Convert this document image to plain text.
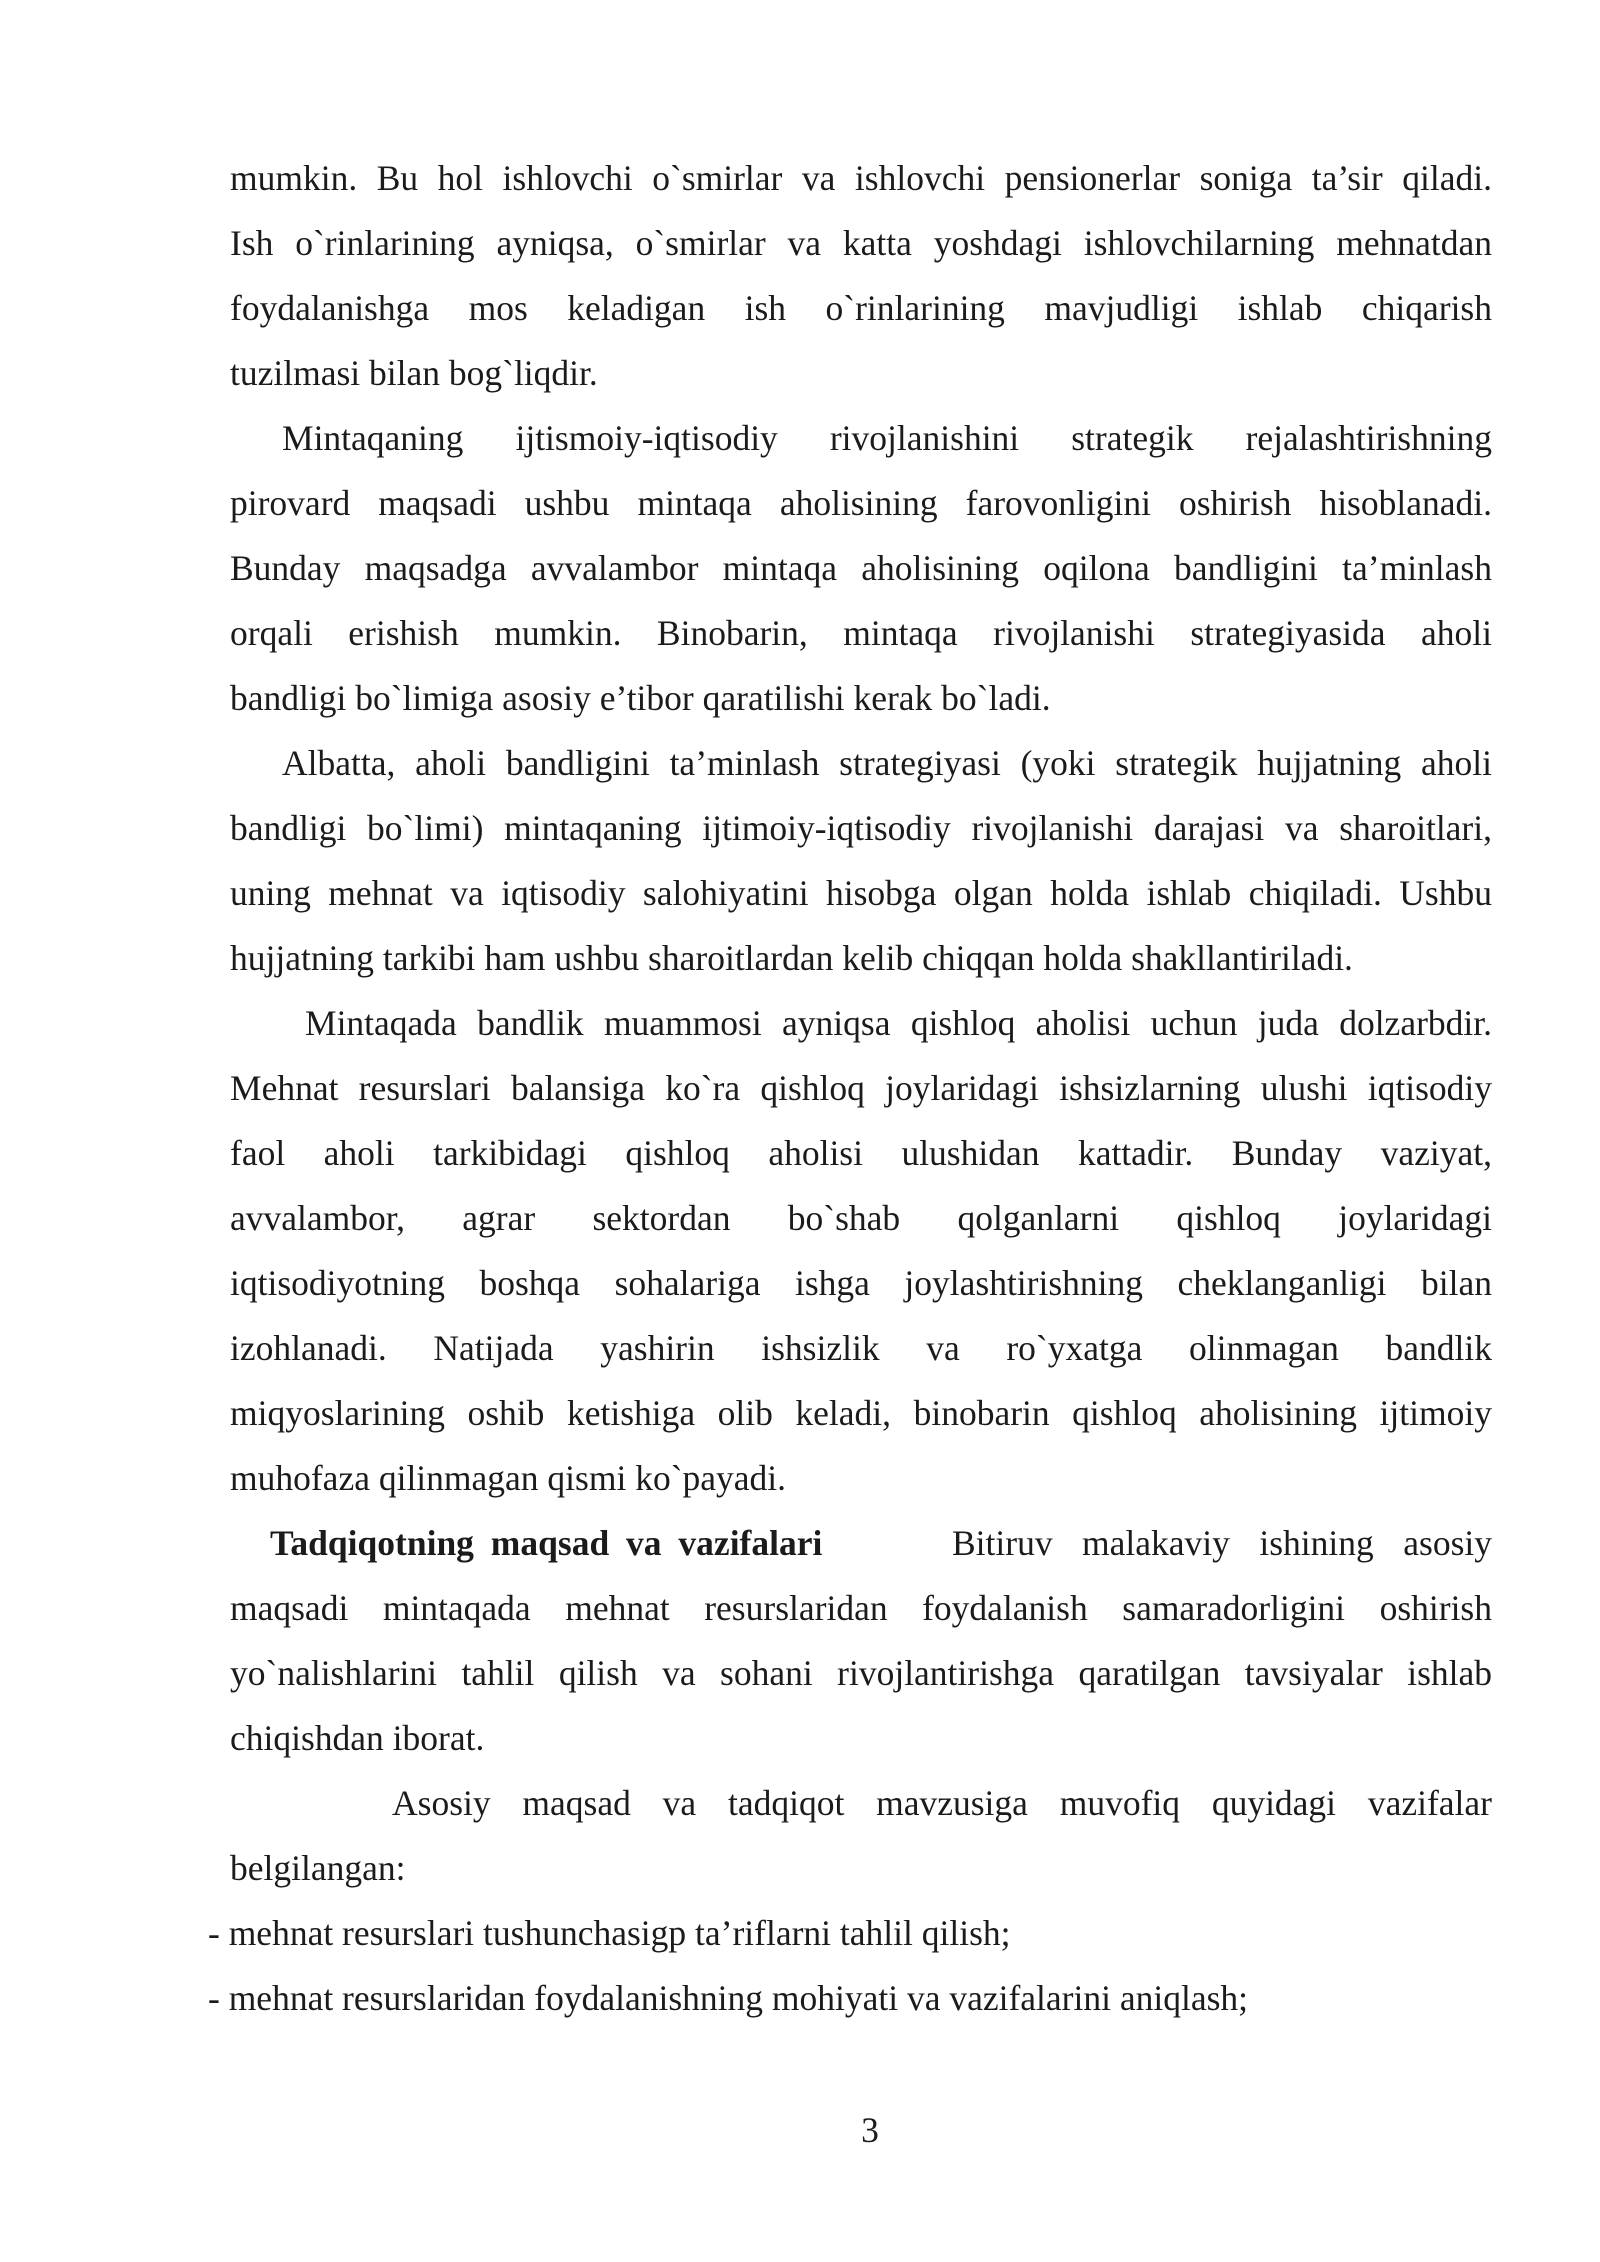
mumkin. Bu hol ishlovchi o`smirlar va ishlovchi pensionerlar soniga ta’sir qiladi.
Ish o`rinlarining ayniqsa, o`smirlar va katta yoshdagi ishlovchilarning mehnatdan
foydalanishga mos keladigan ish o`rinlarining mavjudligi ishlab chiqarish
tuzilmasi bilan bog`liqdir.
Mintaqaning ijtismoiy-iqtisodiy rivojlanishini strategik rejalashtirishning
pirovard maqsadi ushbu mintaqa aholisining farovonligini oshirish hisoblanadi.
Bunday maqsadga avvalambor mintaqa aholisining oqilona bandligini ta’minlash
orqali erishish mumkin. Binobarin, mintaqa rivojlanishi strategiyasida aholi
bandligi bo`limiga asosiy e’tibor qaratilishi kerak bo`ladi.
Albatta, aholi bandligini ta’minlash strategiyasi (yoki strategik hujjatning aholi
bandligi bo`limi) mintaqaning ijtimoiy-iqtisodiy rivojlanishi darajasi va sharoitlari,
uning mehnat va iqtisodiy salohiyatini hisobga olgan holda ishlab chiqiladi. Ushbu
hujjatning tarkibi ham ushbu sharoitlardan kelib chiqqan holda shakllantiriladi.
Mintaqada bandlik muammosi ayniqsa qishloq aholisi uchun juda dolzarbdir.
Mehnat resurslari balansiga ko`ra qishloq joylaridagi ishsizlarning ulushi iqtisodiy
faol aholi tarkibidagi qishloq aholisi ulushidan kattadir. Bunday vaziyat,
avvalambor, agrar sektordan bo`shab qolganlarni qishloq joylaridagi
iqtisodiyotning boshqa sohalariga ishga joylashtirishning cheklanganligi bilan
izohlanadi. Natijada yashirin ishsizlik va ro`yxatga olinmagan bandlik
miqyoslarining oshib ketishiga olib keladi, binobarin qishloq aholisining ijtimoiy
muhofaza qilinmagan qismi ko`payadi.
Tadqiqotning maqsad va vazifalari	Bitiruv malakaviy ishining asosiy
maqsadi mintaqada mehnat resurslaridan foydalanish samaradorligini oshirish
yo`nalishlarini tahlil qilish va sohani rivojlantirishga qaratilgan tavsiyalar ishlab
chiqishdan iborat.
Asosiy maqsad va tadqiqot mavzusiga muvofiq quyidagi vazifalar
belgilangan:
- mehnat resurslari tushunchasigp ta’riflarni tahlil qilish;
- mehnat resurslaridan foydalanishning mohiyati va vazifalarini aniqlash;
3
